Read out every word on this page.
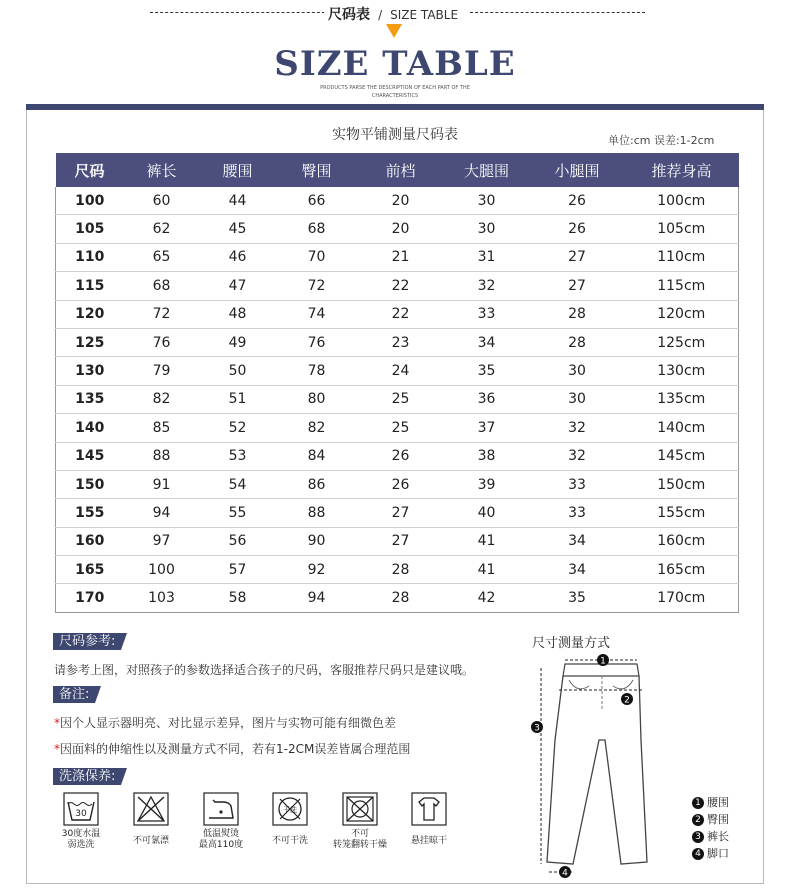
尺码表 / SIZE TABLE
SIZE TABLE
PRODUCTS PARSE THE DESCRIPTION OF EACH PART OF THE
CHARACTERISTICS
实物平铺测量尺码表	单位:cm 误差:1-2cm
尺码	裤长	腰围	臀围	前档	大腿围	小腿围	推荐身高
100	60	44	66	20	30	26	100cm
105	62	45	68	20	30	26	105cm
110	65	46	70	21	31	27	110cm
115	68	47	72	22	32	27	115cm
120	72	48	74	22	33	28	120cm
125	76	49	76	23	34	28	125cm
130	79	50	78	24	35	30	130cm
135	82	51	80	25	36	30	135cm
140	85	52	82	25	37	32	140cm
145	88	53	84	26	38	32	145cm
150	91	54	86	26	39	33	150cm
155	94	55	88	27	40	33	155cm
160	97	56	90	27	41	34	160cm
165	100	57	92	28	41	34	165cm
170	103	58	94	28	42	35	170cm
尺码参考:
请参考上图，对照孩子的参数选择适合孩子的尺码，客服推荐尺码只是建议哦。
备注:
*因个人显示器明亮、对比显示差异，图片与实物可能有细微色差
*因面料的伸缩性以及测量方式不同，若有1-2CM误差皆属合理范围
洗涤保养:
30
30度水温
弱选洗	不可氯漂
低温熨烫
最高110度
干洗
不可干洗
不可
转笼翻转干燥	悬挂晾干
尺寸测量方式
1
2
3
4
1 腰围
2 臀围
3 裤长
4 脚口
